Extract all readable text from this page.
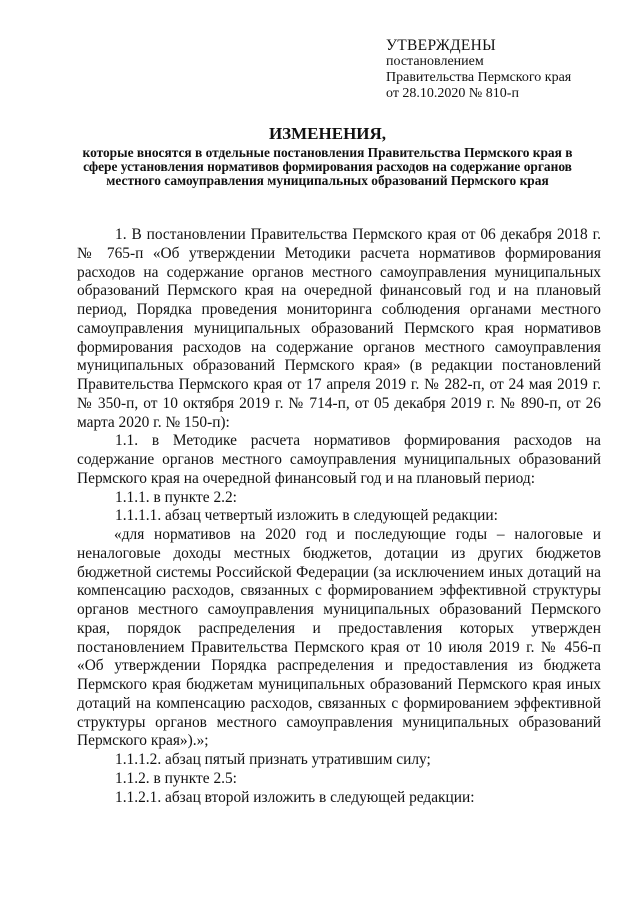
УТВЕРЖДЕНЫ
постановлением
Правительства Пермского края
от 28.10.2020 № 810-п
ИЗМЕНЕНИЯ,
которые вносятся в отдельные постановления Правительства Пермского края в сфере установления нормативов формирования расходов на содержание органов местного самоуправления муниципальных образований Пермского края

1. В постановлении Правительства Пермского края от 06 декабря 2018 г. № 765-п «Об утверждении Методики расчета нормативов формирования расходов на содержание органов местного самоуправления муниципальных образований Пермского края на очередной финансовый год и на плановый период, Порядка проведения мониторинга соблюдения органами местного самоуправления муниципальных образований Пермского края нормативов формирования расходов на содержание органов местного самоуправления муниципальных образований Пермского края» (в редакции постановлений Правительства Пермского края от 17 апреля 2019 г. № 282-п, от 24 мая 2019 г. № 350-п, от 10 октября 2019 г. № 714-п, от 05 декабря 2019 г. № 890-п, от 26 марта 2020 г. № 150-п):

1.1. в Методике расчета нормативов формирования расходов на содержание органов местного самоуправления муниципальных образований Пермского края на очередной финансовый год и на плановый период:

1.1.1. в пункте 2.2:

1.1.1.1. абзац четвертый изложить в следующей редакции:

«для нормативов на 2020 год и последующие годы – налоговые и неналоговые доходы местных бюджетов, дотации из других бюджетов бюджетной системы Российской Федерации (за исключением иных дотаций на компенсацию расходов, связанных с формированием эффективной структуры органов местного самоуправления муниципальных образований Пермского края, порядок распределения и предоставления которых утвержден постановлением Правительства Пермского края от 10 июля 2019 г. № 456-п «Об утверждении Порядка распределения и предоставления из бюджета Пермского края бюджетам муниципальных образований Пермского края иных дотаций на компенсацию расходов, связанных с формированием эффективной структуры органов местного самоуправления муниципальных образований Пермского края»).»;

1.1.1.2. абзац пятый признать утратившим силу;

1.1.2. в пункте 2.5:

1.1.2.1. абзац второй изложить в следующей редакции:
